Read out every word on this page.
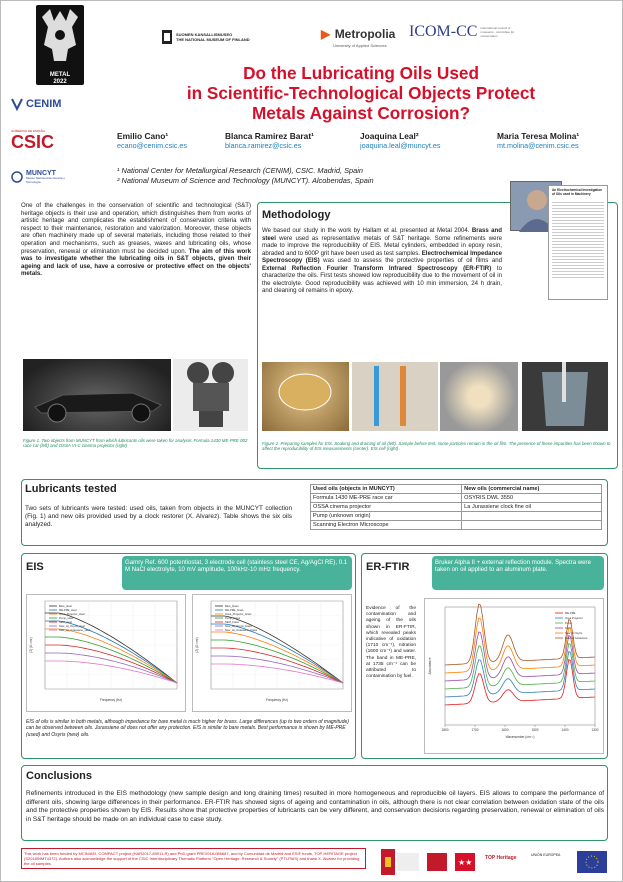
METAL 2022
SUOMEN KANSALLISMUSEO
THE NATIONAL MUSEUM OF FINLAND	▶ Metropolia
University of Applied Sciences
ICOM-CC international council of museums - committee for conservation
Do the Lubricating Oils Used
in Scientific-Technological Objects Protect
Metals Against Corrosion?
CENIM
GOBIERNO DE ESPAÑA
CSIC
MUNCYT
Museo Nacional de Ciencia y Tecnología
Emilio Cano¹
ecano@cenim.csic.es
Blanca Ramirez Barat¹
blanca.ramirez@csic.es
Joaquina Leal²
joaquina.leal@muncyt.es
Maria Teresa Molina¹
mt.molina@cenim.csic.es
¹ National Center for Metallurgical Research (CENIM), CSIC. Madrid, Spain
² National Museum of Science and Technology (MUNCYT). Alcobendas, Spain
One of the challenges in the conservation of scientific and technological (S&T) heritage objects is their use and operation, which distinguishes them from works of artistic heritage and complicates the establishment of conservation criteria with respect to their maintenance, restoration and valorization. Moreover, these objects are often machinery made up of several materials, including those related to their operation and mechanisms, such as greases, waxes and lubricating oils, whose preservation, renewal or elimination must be decided upon. The aim of this work was to investigate whether the lubricating oils in S&T objects, given their ageing and lack of use, have a corrosive or protective effect on the objects' metals.
Figure 1. Two objects from MUNCYT from which lubricants oils were taken for analysis: Formula 1430 ME-PRE 002 race car (left) and OSSA VI-C cinema projector (right)
Methodology
We based our study in the work by Hallam et al. presented at Metal 2004. Brass and steel were used as representative metals of S&T heritage. Some refinements were made to improve the reproducibility of EIS. Metal cylinders, embedded in epoxy resin, abraded and to 600P grit have been used as test samples. Electrochemical Impedance Spectroscopy (EIS) was used to assess the protective properties of oil films and External Reflection Fourier Transform Infrared Spectroscopy (ER-FTIR) to characterize the oils. First tests showed low reproducibility due to the movement of oil in the electrolyte. Good reproducibility was achieved with 10 min immersion, 24 h drain, and cleaning oil remains in epoxy.
An Electrochemical Investigation of Oils used in Machinery
Figure 2. Preparing samples for EIS. Soaking and draining of oil (left). Sample before test, some particles remain in the oil film. The presence of these impurities has been shown to affect the reproducibility of EIS measurements (center). EIS cell (right) .
Lubricants tested
Two sets of lubricants were tested: used oils, taken from objects in the MUNCYT collection (Fig. 1) and new oils provided used by a clock restorer (X. Alvarez). Table shows the six oils analyzed.
Used oils (objects in MUNCYT)	New oils (commercial name)
Formula 1430 ME-PRE race car	OSYRIS DWL 3550
OSSA cinema projector	La Jurassiene clock fine oil
Pump (unknown origin)	
Scanning Electron Microscope	
EIS	Gamry Ref. 600 potentiostat, 3 electrode cell (stainless steel CE, Ag/AgCl RE), 0.1 M NaCl electrolyte, 10 mV amplitude, 100kHz-10 mHz frequency.
Frequency (Hz)
|Z| (Ω cm²)
Bare_steel
ME-PRE_steel
Ossa_Projector_steel
Pump_steel
SEM_steel
New_oil_Osyris_steel
New_oil_Jurassiene_steel
Frequency (Hz)
|Z| (Ω cm²)
Bare_brass
ME-PRE_brass
Ossa_Projector_brass
Pump_brass
SEM_brass
New_oil_Osyris_brass
New_oil_Jurassiene_brass
EIS of oils is similar in both metals, although impedance for bare metal is much higher for brass. Large differences (up to two orders of magnitude) can be observed between oils. Jurassiene oil does not offer any protection. EIS is similar to bare metals. Best performance is shown by ME-PRE (used) and Osyris (new) oils.
ER-FTIR	Bruker Alpha II + external reflection module. Spectra were taken on oil applied to an aluminum plate.
Evidence of the contamination and ageing of the oils shown in ER-FTIR, which revealed peaks indicative of oxidation (1710 cm⁻¹), nitration (1600 cm⁻¹) and water. The band in ME-PRE, at 1735 cm⁻¹ can be attributed to contamination by fuel.
1800	1700	1600	1500	1400	1300
Wavenumber (cm⁻¹)
Absorbance
ME-PRE
Ossa Projector
Pump
SEM
New oil Osyris
New oil Jurassiene
Conclusions
Refinements introduced in the EIS methodology (new sample design and long draining times) resulted in more homogeneous and reproducible oil layers. EIS allows to compare the performance of different oils, showing large differences in their performance. ER-FTIR has showed signs of ageing and contamination in oils, although there is not clear correlation between oxidation state of the oils and the protective properties shown by EIS. Results show that protective properties of lubricants can be very different, and conservation decisions regarding preservation, renewal or elimination of oils in S&T heritage should be made on an individual case to case study.
This work has been funded by MCIN/AEI, COMPACT project (HAR2017-89911-R) and PhD grant PRE2018-086687; and by Comunidad de Madrid and ESIF funds, TOP-HERITAGE project (S2018/NMT4372). Authors also acknowledge the support of the CSIC Interdisciplinary Thematic Platform "Open Heritage: Research & Society" (PTI-PAIS) and thank X. Alvarez for providing the oil samples.	★★	TOP Heritage	UNIÓN EUROPEA
